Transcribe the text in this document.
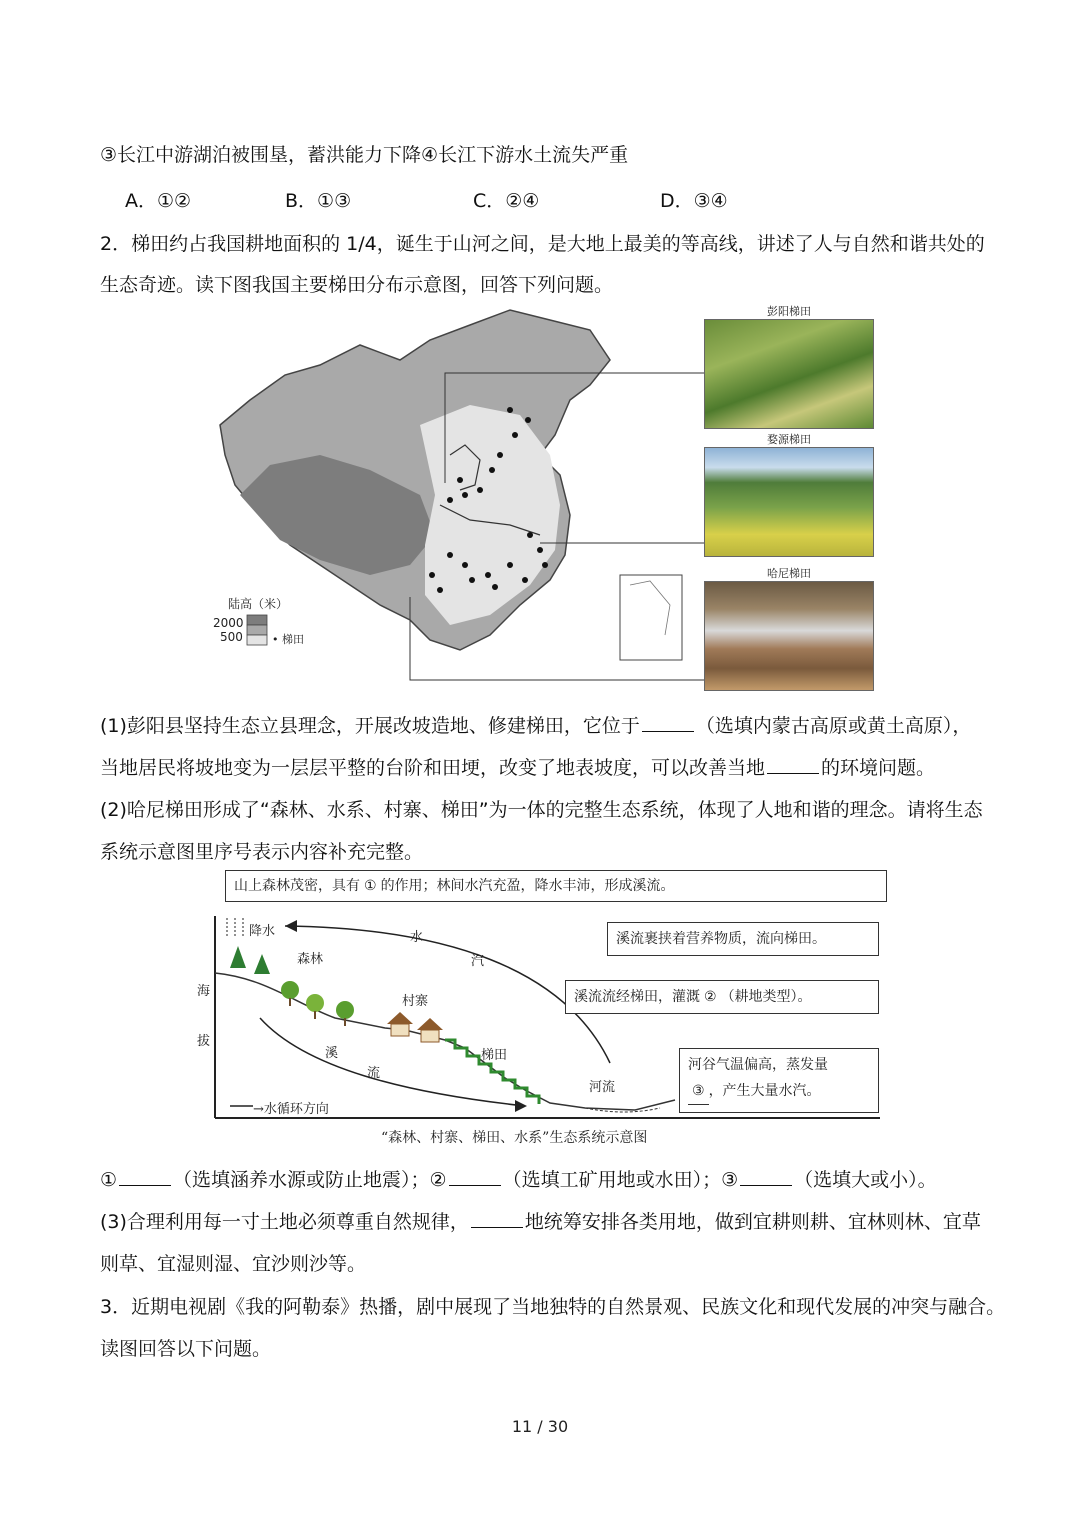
③长江中游湖泊被围垦，蓄洪能力下降④长江下游水土流失严重
A．①②	B．①③	C．②④	D．③④
2．梯田约占我国耕地面积的 1/4，诞生于山河之间，是大地上最美的等高线，讲述了人与自然和谐共处的
生态奇迹。读下图我国主要梯田分布示意图，回答下列问题。
陆高（米）
2000
500	• 梯田
彭阳梯田
婺源梯田
哈尼梯田
(1)彭阳县坚持生态立县理念，开展改坡造地、修建梯田，它位于	（选填内蒙古高原或黄土高原），
当地居民将坡地变为一层层平整的台阶和田埂，改变了地表坡度，可以改善当地	的环境问题。
(2)哈尼梯田形成了“森林、水系、村寨、梯田”为一体的完整生态系统，体现了人地和谐的理念。请将生态
系统示意图里序号表示内容补充完整。
山上森林茂密，具有 ① 的作用；林间水汽充盈，降水丰沛，形成溪流。
溪流裹挟着营养物质，流向梯田。
溪流流经梯田，灌溉 ② （耕地类型）。
河谷气温偏高，蒸发量
③ ，产生大量水汽。
降水
森林
村寨
梯田
河流
水
汽
溪
流
海
拔
→水循环方向
“森林、村寨、梯田、水系”生态系统示意图
①	（选填涵养水源或防止地震）；②	（选填工矿用地或水田）；③	（选填大或小）。
(3)合理利用每一寸土地必须尊重自然规律，	地统筹安排各类用地，做到宜耕则耕、宜林则林、宜草
则草、宜湿则湿、宜沙则沙等。
3．近期电视剧《我的阿勒泰》热播，剧中展现了当地独特的自然景观、民族文化和现代发展的冲突与融合。
读图回答以下问题。
11 / 30
